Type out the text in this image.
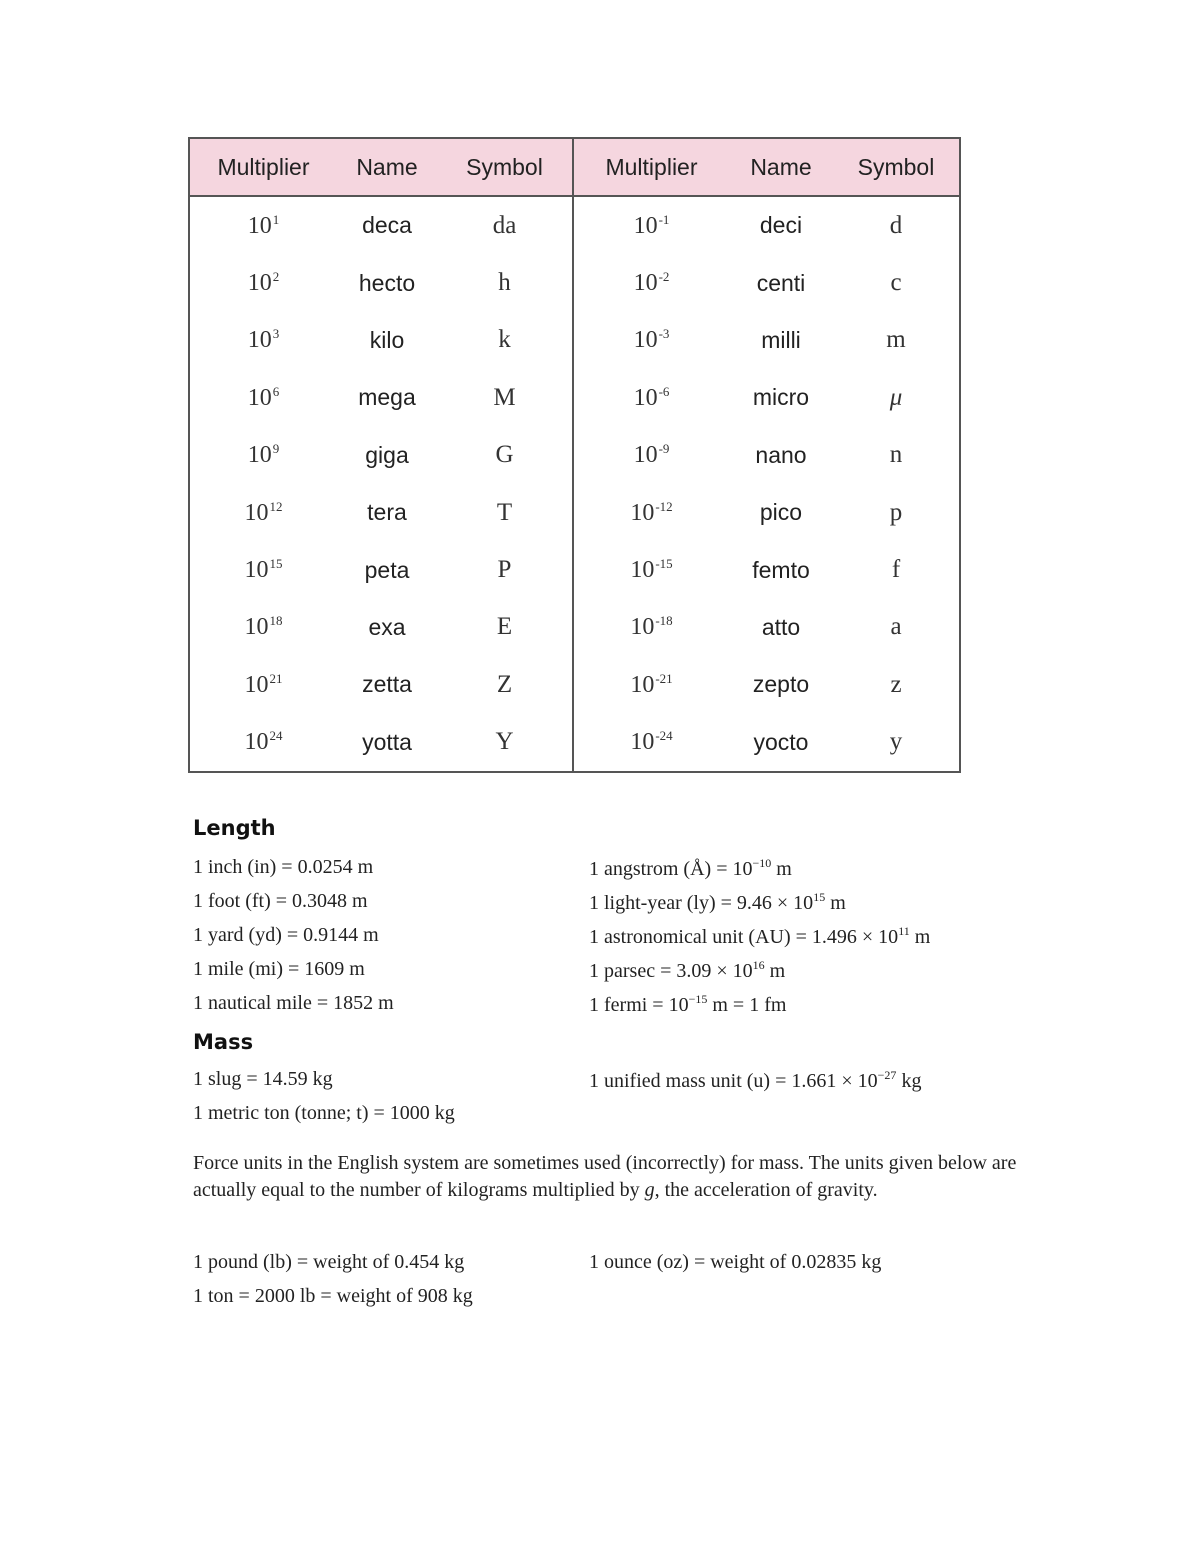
Multiplier	Name	Symbol	Multiplier	Name	Symbol
$10^1$	deca	da	$10^{-1}$	deci	d
$10^2$	hecto	h	$10^{-2}$	centi	c
$10^3$	kilo	k	$10^{-3}$	milli	m
$10^6$	mega	M	$10^{-6}$	micro	μ
$10^9$	giga	G	$10^{-9}$	nano	n
$10^{12}$	tera	T	$10^{-12}$	pico	p
$10^{15}$	peta	P	$10^{-15}$	femto	f
$10^{18}$	exa	E	$10^{-18}$	atto	a
$10^{21}$	zetta	Z	$10^{-21}$	zepto	z
$10^{24}$	yotta	Y	$10^{-24}$	yocto	y
Length
1 inch (in) = 0.0254 m
1 foot (ft) = 0.3048 m
1 yard (yd) = 0.9144 m
1 mile (mi) = 1609 m
1 nautical mile = 1852 m
1 angstrom (Å) = $10^{-10}$ m
1 light-year $(ly) = 9.46 \times 10^{15}$ m
1 astronomical unit $(AU) = 1.496 \times 10^{11}$ m
1 $parsec = 3.09 \times 10^{16}$ m
1 fermi = $10^{-15}$ m = 1 fm
Mass
1 slug = 14.59 kg
1 metric ton (tonne; t) = 1000 kg
1 unified mass unit $(u) = 1.661 \times 10^{-27}$ kg
Force units in the English system are sometimes used (incorrectly) for mass. The units given below are actually equal to the number of kilograms multiplied by g, the acceleration of gravity.
1 pound (lb) = weight of 0.454 kg
1 ton = 2000 lb = weight of 908 kg
1 ounce (oz) = weight of 0.02835 kg
